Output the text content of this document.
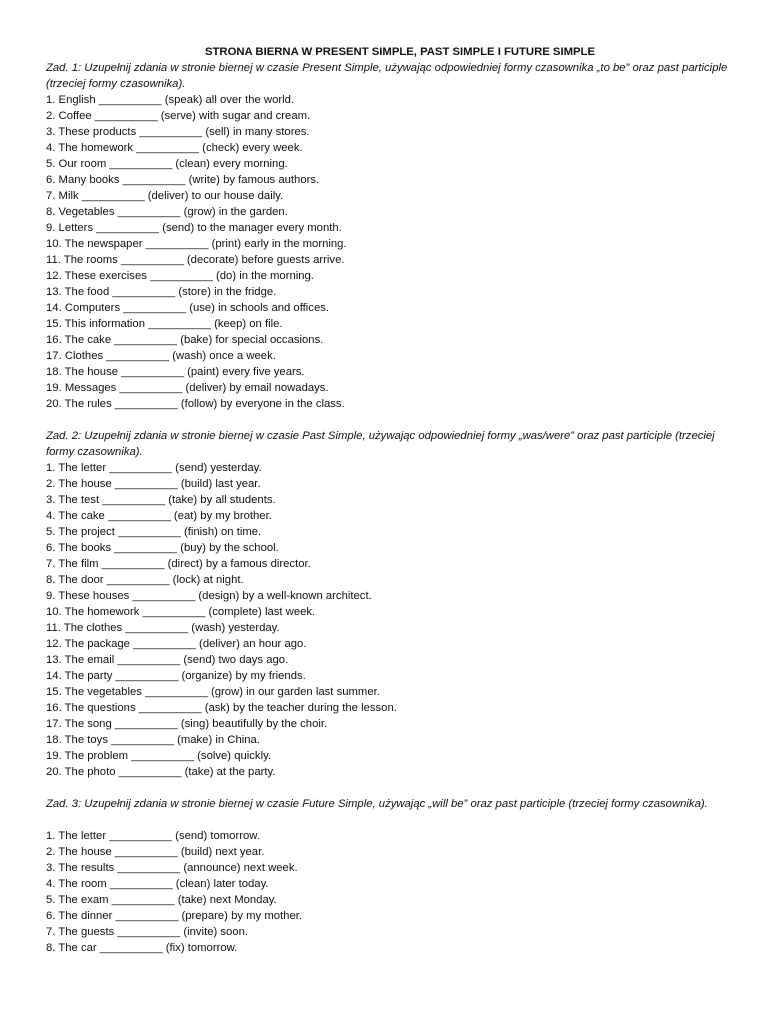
STRONA BIERNA W PRESENT SIMPLE, PAST SIMPLE I FUTURE SIMPLE

Zad. 1: Uzupełnij zdania w stronie biernej w czasie Present Simple, używając odpowiedniej formy czasownika „to be” oraz past participle (trzeciej formy czasownika).

1. English __________ (speak) all over the world.
2. Coffee __________ (serve) with sugar and cream.
3. These products __________ (sell) in many stores.
4. The homework __________ (check) every week.
5. Our room __________ (clean) every morning.
6. Many books __________ (write) by famous authors.
7. Milk __________ (deliver) to our house daily.
8. Vegetables __________ (grow) in the garden.
9. Letters __________ (send) to the manager every month.
10. The newspaper __________ (print) early in the morning.
11. The rooms __________ (decorate) before guests arrive.
12. These exercises __________ (do) in the morning.
13. The food __________ (store) in the fridge.
14. Computers __________ (use) in schools and offices.
15. This information __________ (keep) on file.
16. The cake __________ (bake) for special occasions.
17. Clothes __________ (wash) once a week.
18. The house __________ (paint) every five years.
19. Messages __________ (deliver) by email nowadays.
20. The rules __________ (follow) by everyone in the class.

Zad. 2: Uzupełnij zdania w stronie biernej w czasie Past Simple, używając odpowiedniej formy „was/were” oraz past participle (trzeciej formy czasownika).

1. The letter __________ (send) yesterday.
2. The house __________ (build) last year.
3. The test __________ (take) by all students.
4. The cake __________ (eat) by my brother.
5. The project __________ (finish) on time.
6. The books __________ (buy) by the school.
7. The film __________ (direct) by a famous director.
8. The door __________ (lock) at night.
9. These houses __________ (design) by a well-known architect.
10. The homework __________ (complete) last week.
11. The clothes __________ (wash) yesterday.
12. The package __________ (deliver) an hour ago.
13. The email __________ (send) two days ago.
14. The party __________ (organize) by my friends.
15. The vegetables __________ (grow) in our garden last summer.
16. The questions __________ (ask) by the teacher during the lesson.
17. The song __________ (sing) beautifully by the choir.
18. The toys __________ (make) in China.
19. The problem __________ (solve) quickly.
20. The photo __________ (take) at the party.

Zad. 3: Uzupełnij zdania w stronie biernej w czasie Future Simple, używając „will be” oraz past participle (trzeciej formy czasownika).

1. The letter __________ (send) tomorrow.
2. The house __________ (build) next year.
3. The results __________ (announce) next week.
4. The room __________ (clean) later today.
5. The exam __________ (take) next Monday.
6. The dinner __________ (prepare) by my mother.
7. The guests __________ (invite) soon.
8. The car __________ (fix) tomorrow.
